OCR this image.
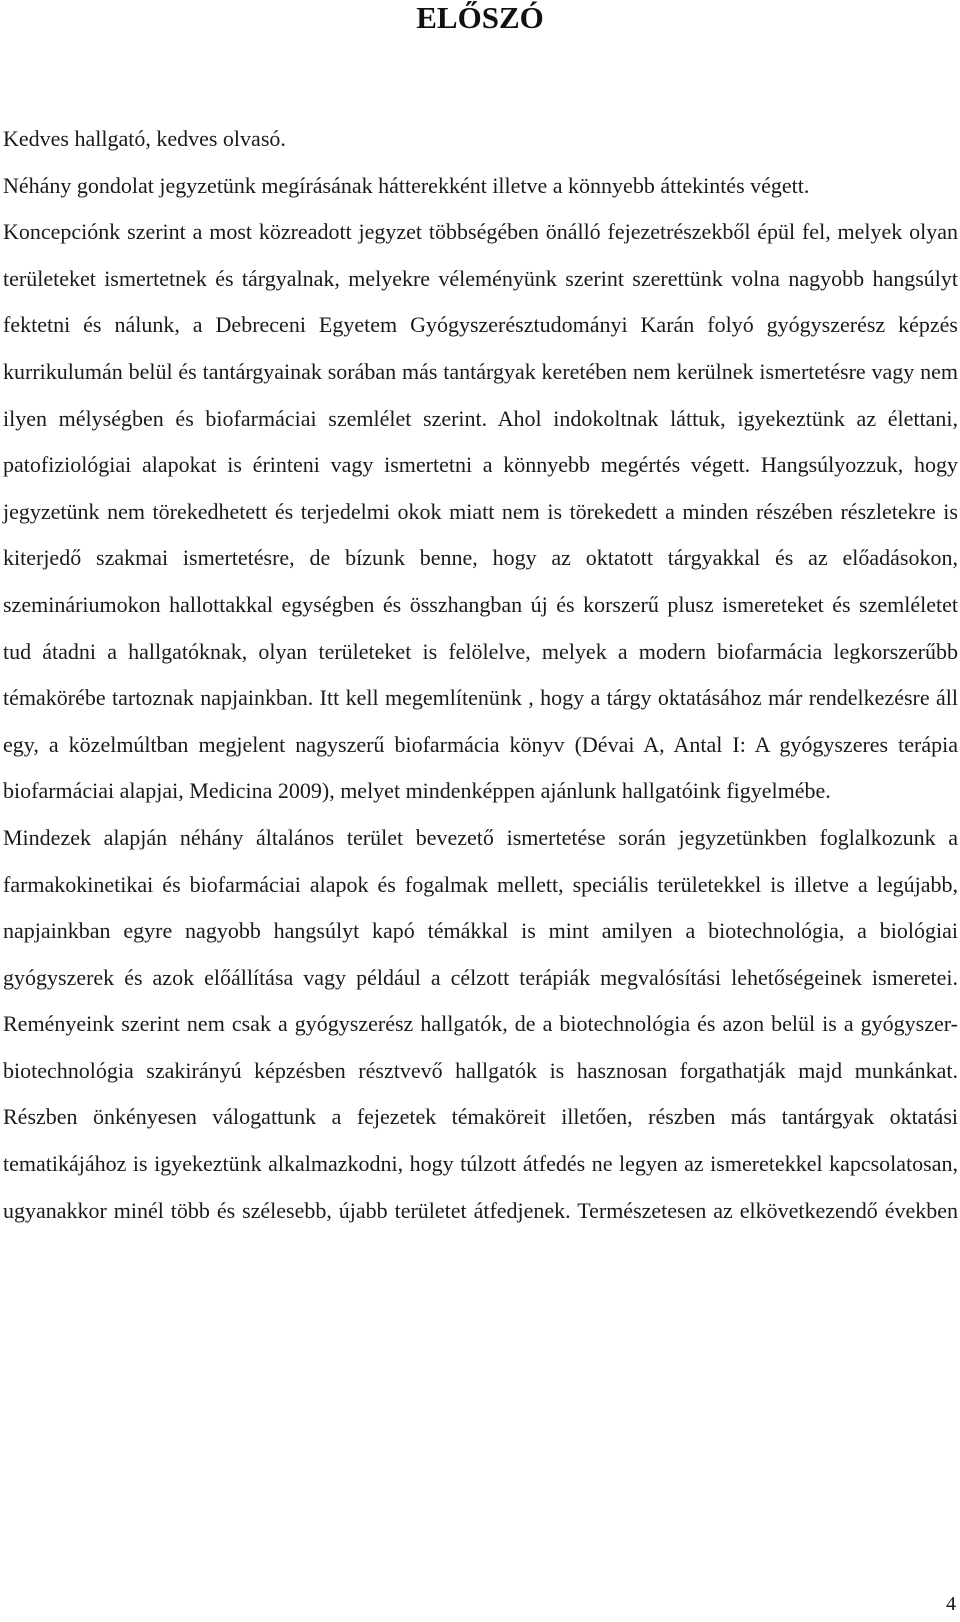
ELŐSZÓ

Kedves hallgató, kedves olvasó.

Néhány gondolat jegyzetünk megírásának hátterekként illetve a könnyebb áttekintés végett.

Koncepciónk szerint a most közreadott jegyzet többségében önálló fejezetrészekből épül fel, melyek olyan területeket ismertetnek és tárgyalnak, melyekre véleményünk szerint szerettünk volna nagyobb hangsúlyt fektetni és nálunk, a Debreceni Egyetem Gyógyszerésztudományi Karán folyó gyógyszerész képzés kurrikulumán belül és tantárgyainak sorában más tantárgyak keretében nem kerülnek ismertetésre vagy nem ilyen mélységben és biofarmáciai szemlélet szerint. Ahol indokoltnak láttuk, igyekeztünk az élettani, patofiziológiai alapokat is érinteni vagy ismertetni a könnyebb megértés végett. Hangsúlyozzuk, hogy jegyzetünk nem törekedhetett és terjedelmi okok miatt nem is törekedett a minden részében részletekre is kiterjedő szakmai ismertetésre, de bízunk benne, hogy az oktatott tárgyakkal és az előadásokon, szemináriumokon hallottakkal egységben és összhangban új és korszerű plusz ismereteket és szemléletet tud átadni a hallgatóknak, olyan területeket is felölelve, melyek a modern biofarmácia legkorszerűbb témakörébe tartoznak napjainkban. Itt kell megemlítenünk , hogy a tárgy oktatásához már rendelkezésre áll egy, a közelmúltban megjelent nagyszerű biofarmácia könyv (Dévai A, Antal I: A gyógyszeres terápia biofarmáciai alapjai, Medicina 2009), melyet mindenképpen ajánlunk hallgatóink figyelmébe.

Mindezek alapján néhány általános terület bevezető ismertetése során jegyzetünkben foglalkozunk a farmakokinetikai és biofarmáciai alapok és fogalmak mellett, speciális területekkel is illetve a legújabb, napjainkban egyre nagyobb hangsúlyt kapó témákkal is mint amilyen a biotechnológia, a biológiai gyógyszerek és azok előállítása vagy például a célzott terápiák megvalósítási lehetőségeinek ismeretei. Reményeink szerint nem csak a gyógyszerész hallgatók, de a biotechnológia és azon belül is a gyógyszer-biotechnológia szakirányú képzésben résztvevő hallgatók is hasznosan forgathatják majd munkánkat. Részben önkényesen válogattunk a fejezetek témaköreit illetően, részben más tantárgyak oktatási tematikájához is igyekeztünk alkalmazkodni, hogy túlzott átfedés ne legyen az ismeretekkel kapcsolatosan, ugyanakkor minél több és szélesebb, újabb területet átfedjenek. Természetesen az elkövetkezendő években

4
